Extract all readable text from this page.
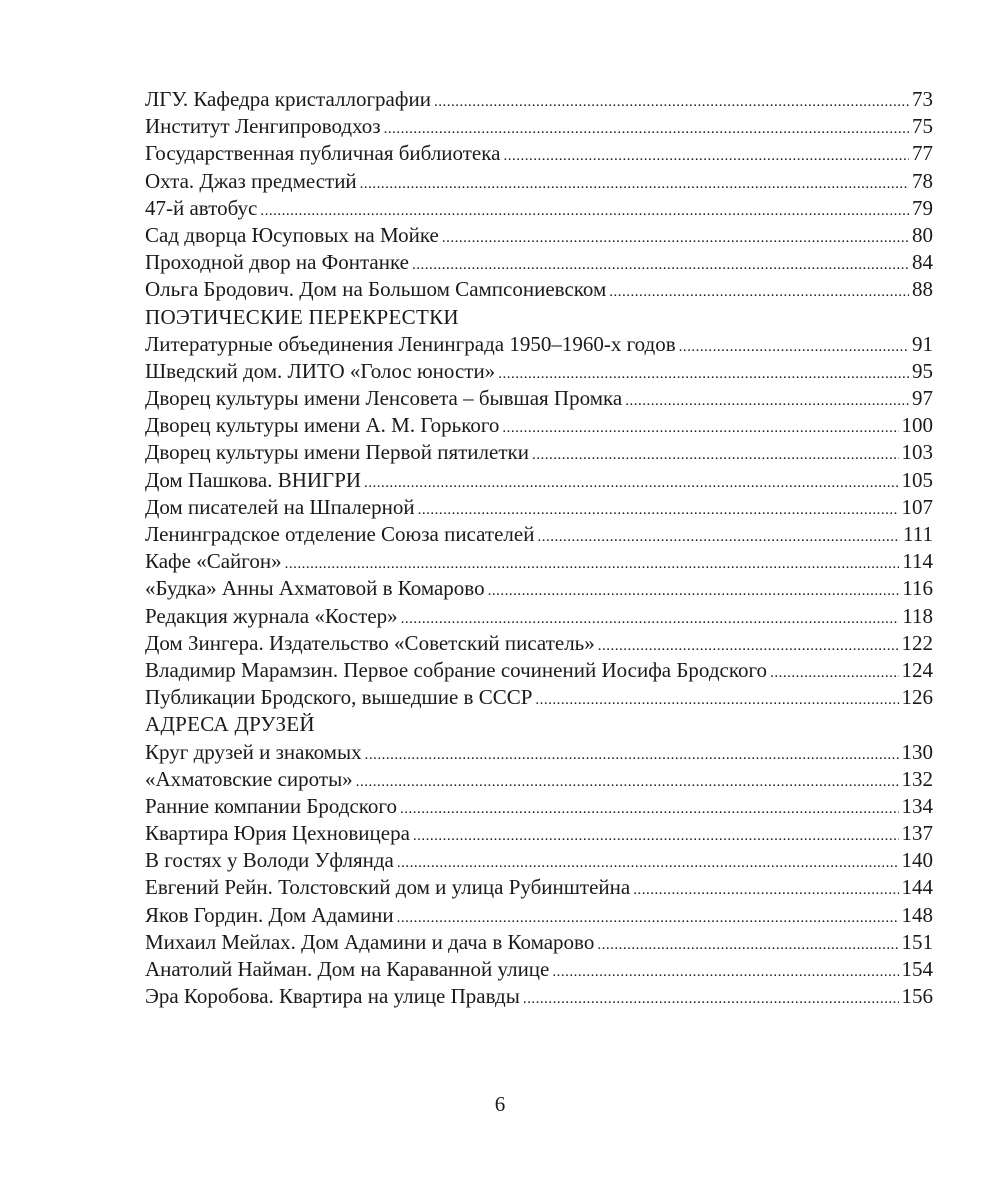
ЛГУ. Кафедра кристаллографии .....	73
Институт Ленгипроводхоз .....	75
Государственная публичная библиотека .....	77
Охта. Джаз предместий .....	78
47-й автобус .....	79
Сад дворца Юсуповых на Мойке .....	80
Проходной двор на Фонтанке .....	84
Ольга Бродович. Дом на Большом Сампсониевском .....	88
ПОЭТИЧЕСКИЕ ПЕРЕКРЕСТКИ
Литературные объединения Ленинграда 1950–1960-х годов .....	91
Шведский дом. ЛИТО «Голос юности» .....	95
Дворец культуры имени Ленсовета – бывшая Промка .....	97
Дворец культуры имени А. М. Горького .....	100
Дворец культуры имени Первой пятилетки .....	103
Дом Пашкова. ВНИГРИ .....	105
Дом писателей на Шпалерной .....	107
Ленинградское отделение Союза писателей .....	111
Кафе «Сайгон» .....	114
«Будка» Анны Ахматовой в Комарово .....	116
Редакция журнала «Костер» .....	118
Дом Зингера. Издательство «Советский писатель» .....	122
Владимир Марамзин. Первое собрание сочинений Иосифа Бродского .....	124
Публикации Бродского, вышедшие в СССР .....	126
АДРЕСА ДРУЗЕЙ
Круг друзей и знакомых .....	130
«Ахматовские сироты» .....	132
Ранние компании Бродского .....	134
Квартира Юрия Цехновицера .....	137
В гостях у Володи Уфлянда .....	140
Евгений Рейн. Толстовский дом и улица Рубинштейна .....	144
Яков Гордин. Дом Адамини .....	148
Михаил Мейлах. Дом Адамини и дача в Комарово .....	151
Анатолий Найман. Дом на Караванной улице .....	154
Эра Коробова. Квартира на улице Правды .....	156
6
